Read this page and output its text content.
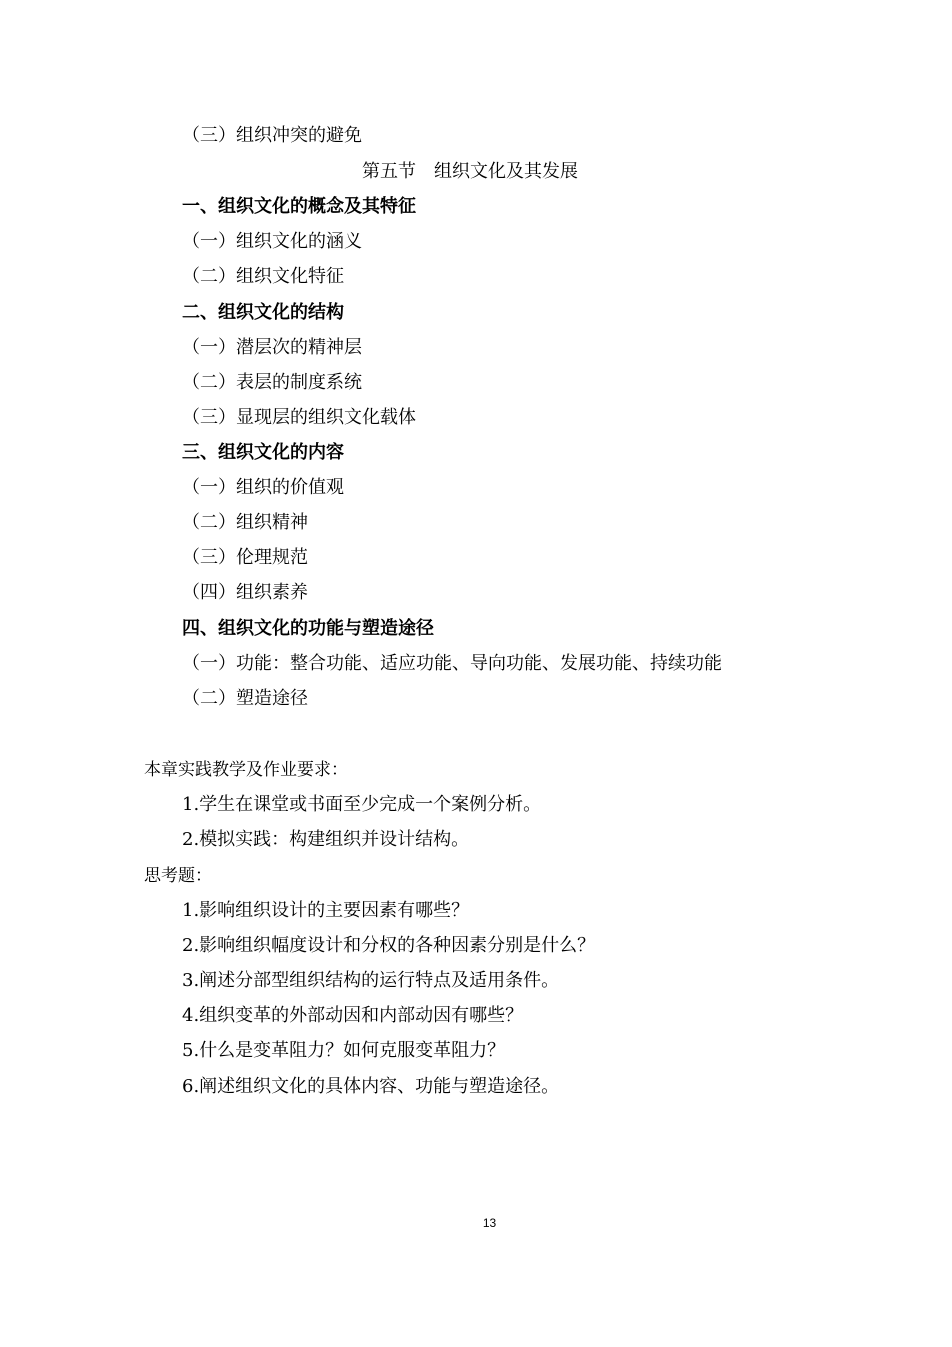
（三）组织冲突的避免
第五节　组织文化及其发展
一、组织文化的概念及其特征
（一）组织文化的涵义
（二）组织文化特征
二、组织文化的结构
（一）潜层次的精神层
（二）表层的制度系统
（三）显现层的组织文化载体
三、组织文化的内容
（一）组织的价值观
（二）组织精神
（三）伦理规范
（四）组织素养
四、组织文化的功能与塑造途径
（一）功能：整合功能、适应功能、导向功能、发展功能、持续功能
（二）塑造途径
本章实践教学及作业要求：
1.学生在课堂或书面至少完成一个案例分析。
2.模拟实践：构建组织并设计结构。
思考题：
1.影响组织设计的主要因素有哪些？
2.影响组织幅度设计和分权的各种因素分别是什么？
3.阐述分部型组织结构的运行特点及适用条件。
4.组织变革的外部动因和内部动因有哪些？
5.什么是变革阻力？如何克服变革阻力？
6.阐述组织文化的具体内容、功能与塑造途径。
13
